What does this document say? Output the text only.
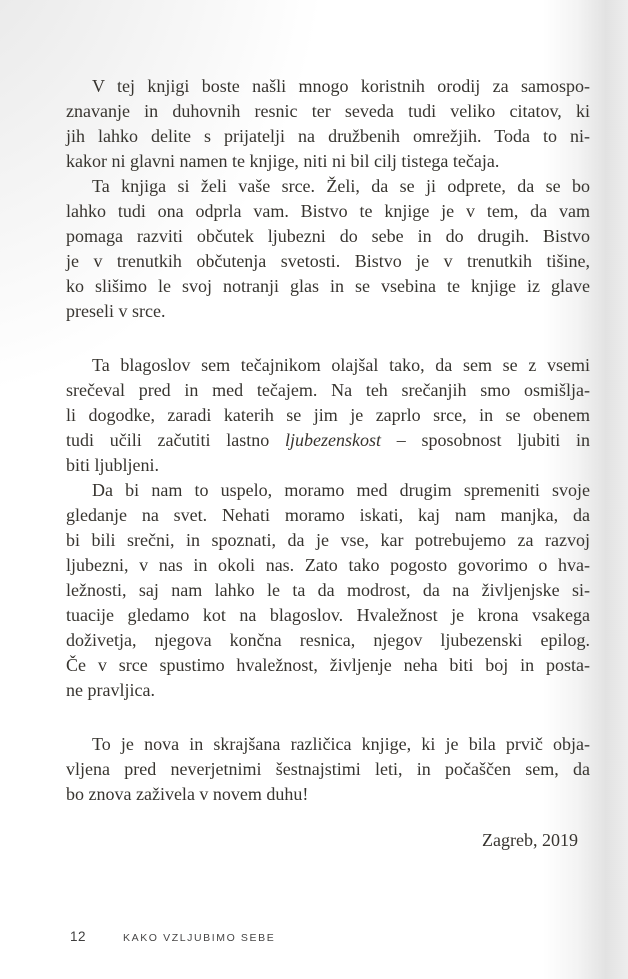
V tej knjigi boste našli mnogo koristnih orodij za samospo-
znavanje in duhovnih resnic ter seveda tudi veliko citatov, ki
jih lahko delite s prijatelji na družbenih omrežjih. Toda to ni-
kakor ni glavni namen te knjige, niti ni bil cilj tistega tečaja.
Ta knjiga si želi vaše srce. Želi, da se ji odprete, da se bo
lahko tudi ona odprla vam. Bistvo te knjige je v tem, da vam
pomaga razviti občutek ljubezni do sebe in do drugih. Bistvo
je v trenutkih občutenja svetosti. Bistvo je v trenutkih tišine,
ko slišimo le svoj notranji glas in se vsebina te knjige iz glave
preseli v srce.
Ta blagoslov sem tečajnikom olajšal tako, da sem se z vsemi
srečeval pred in med tečajem. Na teh srečanjih smo osmišlja-
li dogodke, zaradi katerih se jim je zaprlo srce, in se obenem
tudi učili začutiti lastno ljubezenskost – sposobnost ljubiti in
biti ljubljeni.
Da bi nam to uspelo, moramo med drugim spremeniti svoje
gledanje na svet. Nehati moramo iskati, kaj nam manjka, da
bi bili srečni, in spoznati, da je vse, kar potrebujemo za razvoj
ljubezni, v nas in okoli nas. Zato tako pogosto govorimo o hva-
ležnosti, saj nam lahko le ta da modrost, da na življenjske si-
tuacije gledamo kot na blagoslov. Hvaležnost je krona vsakega
doživetja, njegova končna resnica, njegov ljubezenski epilog.
Če v srce spustimo hvaležnost, življenje neha biti boj in posta-
ne pravljica.
To je nova in skrajšana različica knjige, ki je bila prvič obja-
vljena pred neverjetnimi šestnajstimi leti, in počaščen sem, da
bo znova zaživela v novem duhu!
Zagreb, 2019
12	KAKO VZLJUBIMO SEBE
